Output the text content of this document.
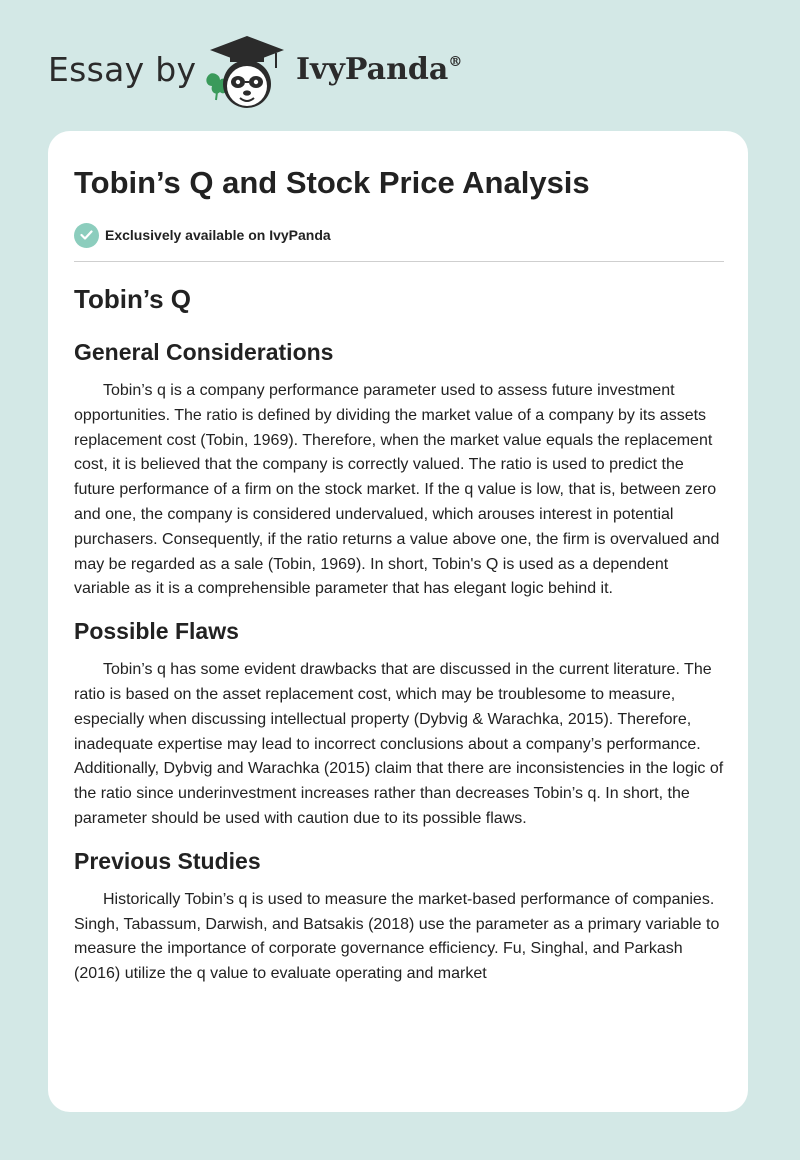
Essay by	IvyPanda®
Tobin’s Q and Stock Price Analysis
Exclusively available on IvyPanda
Tobin’s Q
General Considerations

Tobin’s q is a company performance parameter used to assess future investment opportunities. The ratio is defined by dividing the market value of a company by its assets replacement cost (Tobin, 1969). Therefore, when the market value equals the replacement cost, it is believed that the company is correctly valued. The ratio is used to predict the future performance of a firm on the stock market. If the q value is low, that is, between zero and one, the company is considered undervalued, which arouses interest in potential purchasers. Consequently, if the ratio returns a value above one, the firm is overvalued and may be regarded as a sale (Tobin, 1969). In short, Tobin's Q is used as a dependent variable as it is a comprehensible parameter that has elegant logic behind it.

Possible Flaws

Tobin’s q has some evident drawbacks that are discussed in the current literature. The ratio is based on the asset replacement cost, which may be troublesome to measure, especially when discussing intellectual property (Dybvig & Warachka, 2015). Therefore, inadequate expertise may lead to incorrect conclusions about a company’s performance. Additionally, Dybvig and Warachka (2015) claim that there are inconsistencies in the logic of the ratio since underinvestment increases rather than decreases Tobin’s q. In short, the parameter should be used with caution due to its possible flaws.

Previous Studies

Historically Tobin’s q is used to measure the market-based performance of companies. Singh, Tabassum, Darwish, and Batsakis (2018) use the parameter as a primary variable to measure the importance of corporate governance efficiency. Fu, Singhal, and Parkash (2016) utilize the q value to evaluate operating and market
